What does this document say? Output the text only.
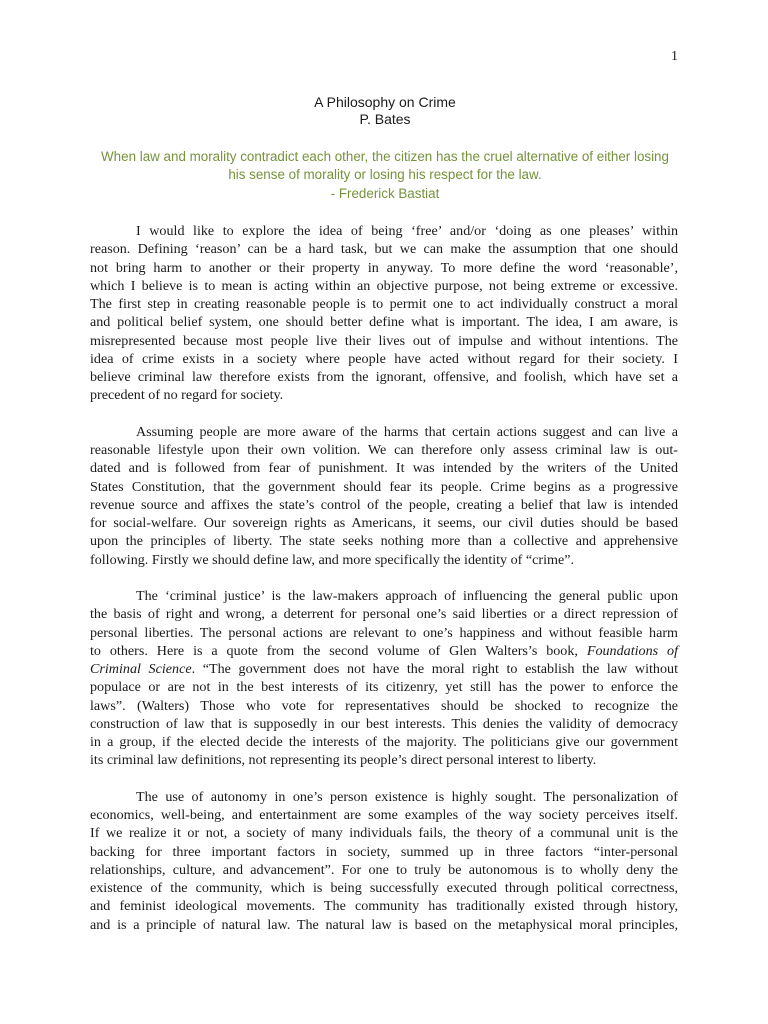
1
A Philosophy on Crime
P. Bates
When law and morality contradict each other, the citizen has the cruel alternative of either losing
his sense of morality or losing his respect for the law.
- Frederick Bastiat

I would like to explore the idea of being ‘free’ and/or ‘doing as one pleases’ within
reason. Defining ‘reason’ can be a hard task, but we can make the assumption that one should
not bring harm to another or their property in anyway. To more define the word ‘reasonable’,
which I believe is to mean is acting within an objective purpose, not being extreme or excessive.
The first step in creating reasonable people is to permit one to act individually construct a moral
and political belief system, one should better define what is important. The idea, I am aware, is
misrepresented because most people live their lives out of impulse and without intentions. The
idea of crime exists in a society where people have acted without regard for their society. I
believe criminal law therefore exists from the ignorant, offensive, and foolish, which have set a
precedent of no regard for society.

Assuming people are more aware of the harms that certain actions suggest and can live a
reasonable lifestyle upon their own volition. We can therefore only assess criminal law is out-
dated and is followed from fear of punishment. It was intended by the writers of the United
States Constitution, that the government should fear its people. Crime begins as a progressive
revenue source and affixes the state’s control of the people, creating a belief that law is intended
for social-welfare. Our sovereign rights as Americans, it seems, our civil duties should be based
upon the principles of liberty. The state seeks nothing more than a collective and apprehensive
following. Firstly we should define law, and more specifically the identity of “crime”.

The ‘criminal justice’ is the law-makers approach of influencing the general public upon
the basis of right and wrong, a deterrent for personal one’s said liberties or a direct repression of
personal liberties. The personal actions are relevant to one’s happiness and without feasible harm
to others. Here is a quote from the second volume of Glen Walters’s book, Foundations of
Criminal Science. “The government does not have the moral right to establish the law without
populace or are not in the best interests of its citizenry, yet still has the power to enforce the
laws”. (Walters) Those who vote for representatives should be shocked to recognize the
construction of law that is supposedly in our best interests. This denies the validity of democracy
in a group, if the elected decide the interests of the majority. The politicians give our government
its criminal law definitions, not representing its people’s direct personal interest to liberty.

The use of autonomy in one’s person existence is highly sought. The personalization of
economics, well-being, and entertainment are some examples of the way society perceives itself.
If we realize it or not, a society of many individuals fails, the theory of a communal unit is the
backing for three important factors in society, summed up in three factors “inter-personal
relationships, culture, and advancement”. For one to truly be autonomous is to wholly deny the
existence of the community, which is being successfully executed through political correctness,
and feminist ideological movements. The community has traditionally existed through history,
and is a principle of natural law. The natural law is based on the metaphysical moral principles,
